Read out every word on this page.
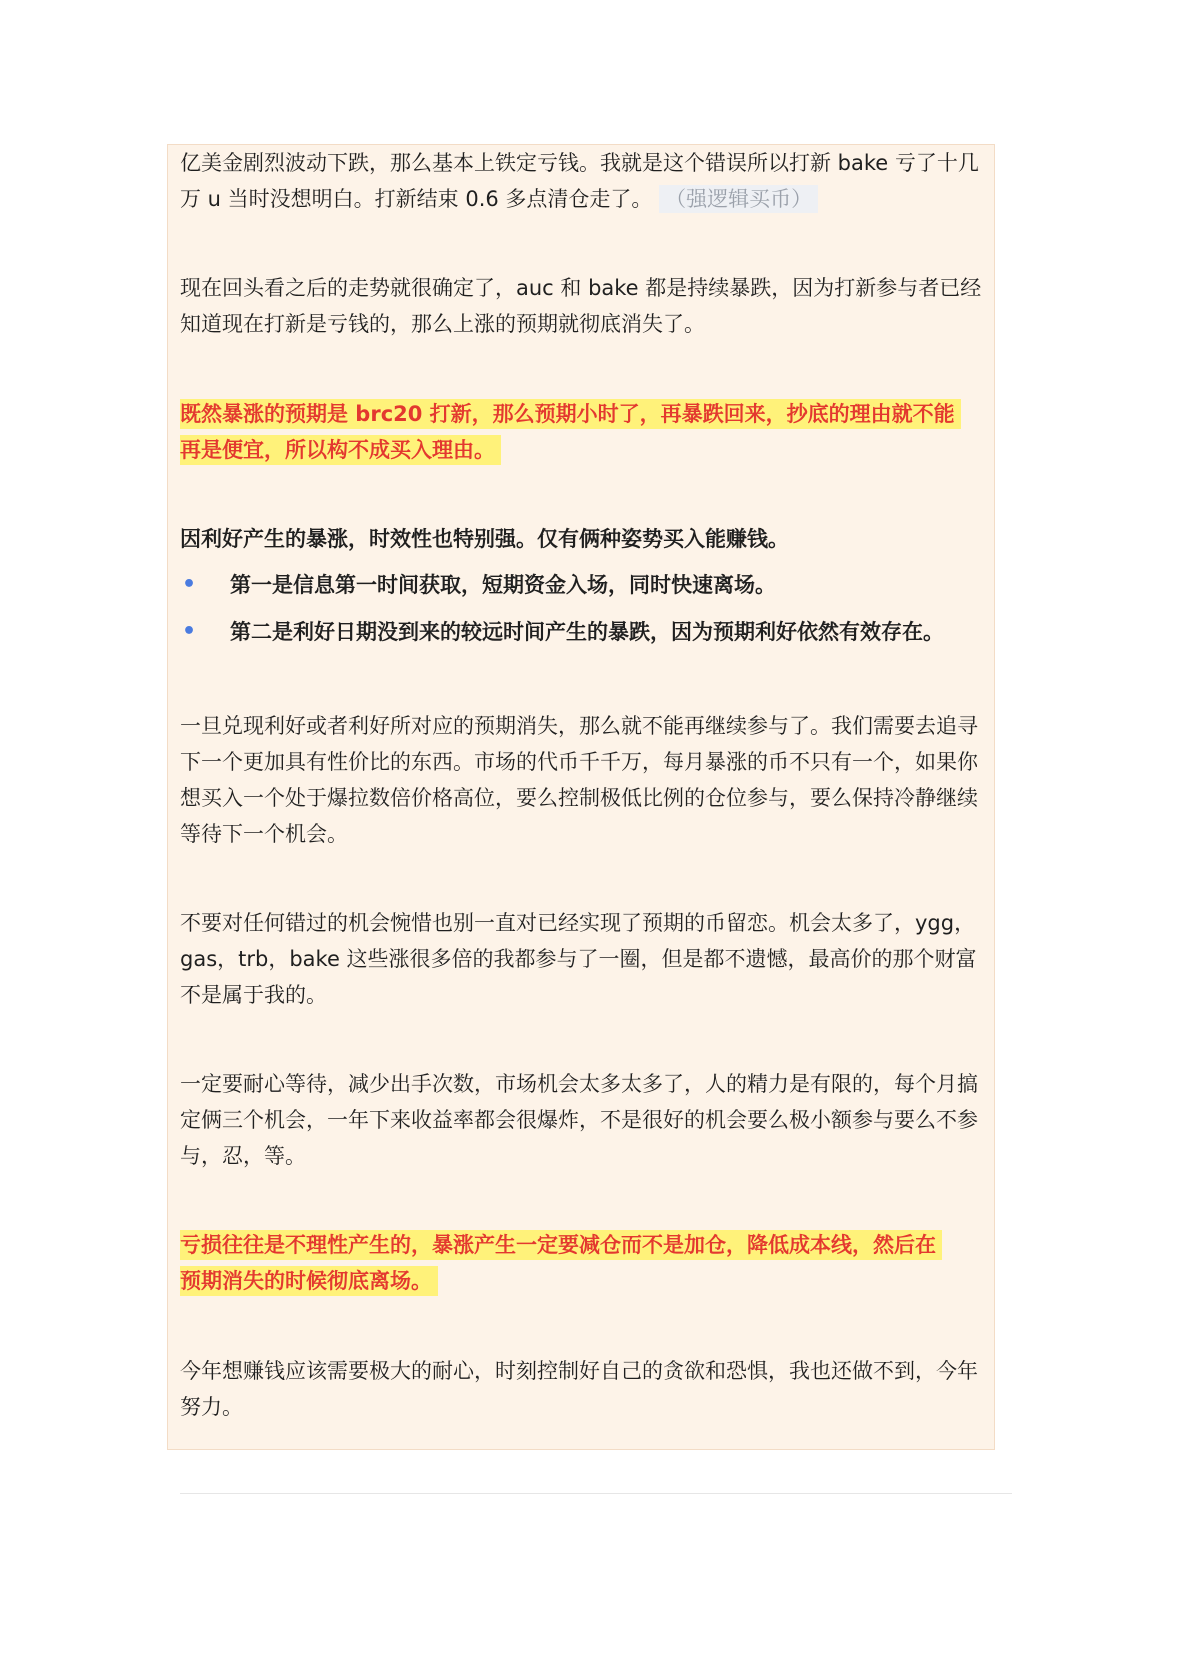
亿美金剧烈波动下跌，那么基本上铁定亏钱。我就是这个错误所以打新 bake 亏了十几万 u 当时没想明白。打新结束 0.6 多点清仓走了。 （强逻辑买币）

现在回头看之后的走势就很确定了，auc 和 bake 都是持续暴跌，因为打新参与者已经知道现在打新是亏钱的，那么上涨的预期就彻底消失了。

既然暴涨的预期是 brc20 打新，那么预期小时了，再暴跌回来，抄底的理由就不能
再是便宜，所以构不成买入理由。

因利好产生的暴涨，时效性也特别强。仅有俩种姿势买入能赚钱。

• 第一是信息第一时间获取，短期资金入场，同时快速离场。
• 第二是利好日期没到来的较远时间产生的暴跌，因为预期利好依然有效存在。

一旦兑现利好或者利好所对应的预期消失，那么就不能再继续参与了。我们需要去追寻下一个更加具有性价比的东西。市场的代币千千万，每月暴涨的币不只有一个，如果你想买入一个处于爆拉数倍价格高位，要么控制极低比例的仓位参与，要么保持冷静继续等待下一个机会。

不要对任何错过的机会惋惜也别一直对已经实现了预期的币留恋。机会太多了，ygg，gas，trb，bake 这些涨很多倍的我都参与了一圈，但是都不遗憾，最高价的那个财富不是属于我的。

一定要耐心等待，减少出手次数，市场机会太多太多了，人的精力是有限的，每个月搞定俩三个机会，一年下来收益率都会很爆炸，不是很好的机会要么极小额参与要么不参与，忍，等。

亏损往往是不理性产生的，暴涨产生一定要减仓而不是加仓，降低成本线，然后在
预期消失的时候彻底离场。

今年想赚钱应该需要极大的耐心，时刻控制好自己的贪欲和恐惧，我也还做不到，今年努力。
